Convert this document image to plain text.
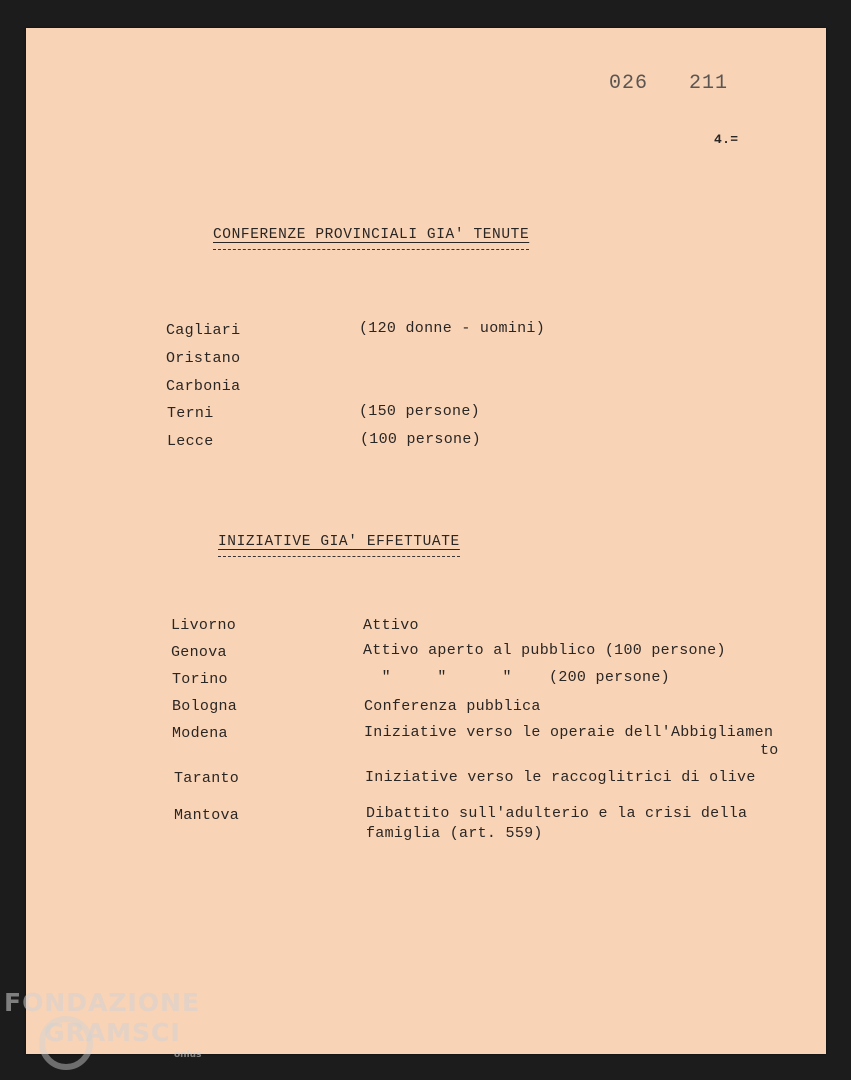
026 211
4.=
CONFERENZE PROVINCIALI GIA' TENUTE
Cagliari	(120 donne - uomini)
Oristano
Carbonia
Terni	(150 persone)
Lecce	(100 persone)
INIZIATIVE GIA' EFFETTUATE
Livorno	Attivo
Genova	Attivo aperto al pubblico (100 persone)
Torino	"     "      "    (200 persone)
Bologna	Conferenza pubblica
Modena	Iniziative verso le operaie dell'Abbigliamen
to
Taranto	Iniziative verso le raccoglitrici di olive
Mantova	Dibattito sull'adulterio e la crisi della
famiglia (art. 559)
FONDAZIONE
GRAMSCI
onlus
